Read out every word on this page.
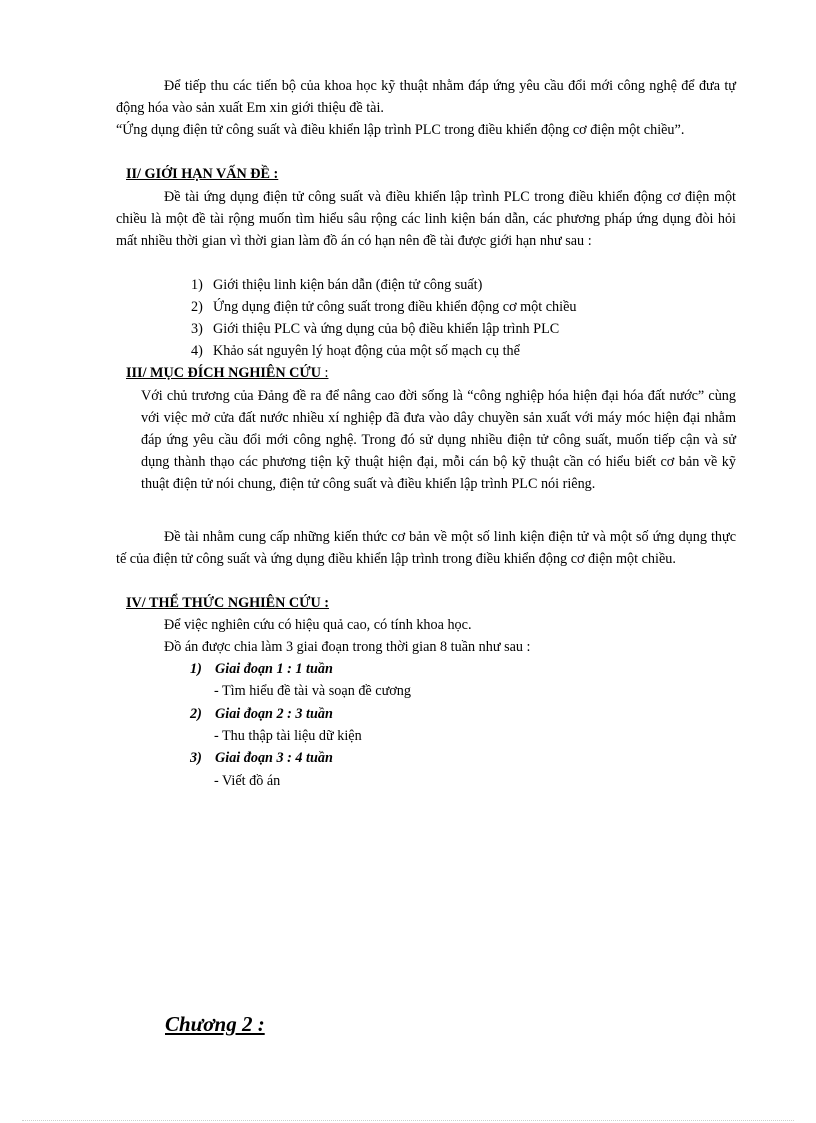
Để tiếp thu các tiến bộ của khoa học kỹ thuật nhằm đáp ứng yêu cầu đổi mới công nghệ để đưa tự động hóa vào sản xuất Em xin giới thiệu đề tài.
“Ứng dụng điện tử công suất và điều khiển lập trình PLC trong điều khiển động cơ điện một chiều”.
II/ GIỚI HẠN VẤN ĐỀ :
Đề tài ứng dụng điện tử công suất và điều khiển lập trình PLC trong điều khiển động cơ điện một chiều là một đề tài rộng muốn tìm hiểu sâu rộng các linh kiện bán dẫn, các phương pháp ứng dụng đòi hỏi mất nhiều thời gian vì thời gian làm đồ án có hạn nên đề tài được giới hạn như sau :
1) Giới thiệu linh kiện bán dẫn (điện tử công suất)
2) Ứng dụng điện tử công suất trong điều khiển động cơ một chiều
3) Giới thiệu PLC và ứng dụng của bộ điều khiển lập trình PLC
4) Khảo sát nguyên lý hoạt động của một số mạch cụ thể
III/ MỤC ĐÍCH NGHIÊN CỨU :
Với chủ trương của Đảng đề ra để nâng cao đời sống là “công nghiệp hóa hiện đại hóa đất nước” cùng với việc mở cửa đất nước nhiều xí nghiệp đã đưa vào dây chuyền sản xuất với máy móc hiện đại nhằm đáp ứng yêu cầu đổi mới công nghệ. Trong đó sử dụng nhiều điện tử công suất, muốn tiếp cận và sử dụng thành thạo các phương tiện kỹ thuật hiện đại, mỗi cán bộ kỹ thuật cần có hiểu biết cơ bản về kỹ thuật điện tử nói chung, điện tử công suất và điều khiển lập trình PLC nói riêng.
Đề tài nhằm cung cấp những kiến thức cơ bản về một số linh kiện điện tử và một số ứng dụng thực tế của điện tử công suất và ứng dụng điều khiển lập trình trong điều khiển động cơ điện một chiều.
IV/ THỂ THỨC NGHIÊN CỨU :
Để việc nghiên cứu có hiệu quả cao, có tính khoa học.
Đồ án được chia làm 3 giai đoạn trong thời gian 8 tuần như sau :
1) Giai đoạn 1 : 1 tuần
- Tìm hiểu đề tài và soạn đề cương
2) Giai đoạn 2 : 3 tuần
- Thu thập tài liệu dữ kiện
3) Giai đoạn 3 : 4 tuần
- Viết đồ án
Chương 2 :
